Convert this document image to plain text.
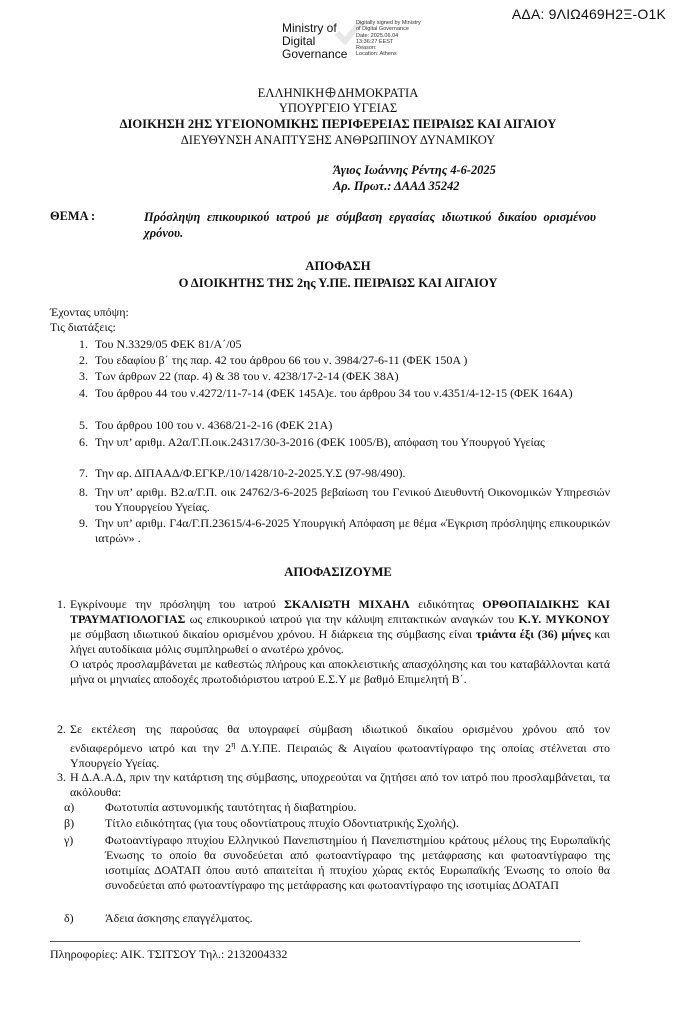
ΑΔΑ: 9ΛΙΩ469Η2Ξ-Ο1Κ
Ministry of
Digital
Governance
Digitally signed by Ministry
of Digital Governance
Date: 2025.06.04
13:36:27 EEST
Reason:
Location: Athens
ΕΛΛΗΝΙΚΗ ΔΗΜΟΚΡΑΤΙΑ
ΥΠΟΥΡΓΕΙΟ ΥΓΕΙΑΣ
ΔΙΟΙΚΗΣΗ 2ΗΣ ΥΓΕΙΟΝΟΜΙΚΗΣ ΠΕΡΙΦΕΡΕΙΑΣ ΠΕΙΡΑΙΩΣ ΚΑΙ ΑΙΓΑΙΟΥ
ΔΙΕΥΘΥΝΣΗ ΑΝΑΠΤΥΞΗΣ ΑΝΘΡΩΠΙΝΟΥ ΔΥΝΑΜΙΚΟΥ
Άγιος Ιωάννης Ρέντης 4-6-2025
Αρ. Πρωτ.: ΔΑΑΔ 35242
ΘΕΜΑ :	Πρόσληψη επικουρικού ιατρού με σύμβαση εργασίας ιδιωτικού δικαίου ορισμένου χρόνου.
ΑΠΟΦΑΣΗ
Ο ΔΙΟΙΚΗΤΗΣ ΤΗΣ 2ης Υ.ΠΕ. ΠΕΙΡΑΙΩΣ ΚΑΙ ΑΙΓΑΙΟΥ
Έχοντας υπόψη:
Τις διατάξεις:
1. Του Ν.3329/05 ΦΕΚ 81/Α΄/05
2. Του εδαφίου β΄ της παρ. 42 του άρθρου 66 του ν. 3984/27-6-11 (ΦΕΚ 150Α )
3. Των άρθρων 22 (παρ. 4) & 38 του ν. 4238/17-2-14 (ΦΕΚ 38Α)
4. Του άρθρου 44 του ν.4272/11-7-14 (ΦΕΚ 145Α)ε. του άρθρου 34 του ν.4351/4-12-15 (ΦΕΚ 164Α)
5. Του άρθρου 100 του ν. 4368/21-2-16 (ΦΕΚ 21Α)
6. Την υπ’ αριθμ. Α2α/Γ.Π.οικ.24317/30-3-2016 (ΦΕΚ 1005/Β), απόφαση του Υπουργού Υγείας
7. Την αρ. ΔΙΠΑΑΔ/Φ.ΕΓΚΡ./10/1428/10-2-2025.Υ.Σ (97-98/490).
8. Την υπ’ αριθμ. Β2.α/Γ.Π. οικ 24762/3-6-2025 βεβαίωση του Γενικού Διευθυντή Οικονομικών Υπηρεσιών του Υπουργείου Υγείας.
9. Την υπ’ αριθμ. Γ4α/Γ.Π.23615/4-6-2025 Υπουργική Απόφαση με θέμα «Έγκριση πρόσληψης επικουρικών ιατρών» .
ΑΠΟΦΑΣΙΖΟΥΜΕ
1. Εγκρίνουμε την πρόσληψη του ιατρού ΣΚΑΛΙΩΤΗ ΜΙΧΑΗΛ ειδικότητας ΟΡΘΟΠΑΙΔΙΚΗΣ ΚΑΙ ΤΡΑΥΜΑΤΙΟΛΟΓΙΑΣ ως επικουρικού ιατρού για την κάλυψη επιτακτικών αναγκών του Κ.Υ. ΜΥΚΟΝΟΥ με σύμβαση ιδιωτικού δικαίου ορισμένου χρόνου. Η διάρκεια της σύμβασης είναι τριάντα έξι (36) μήνες και λήγει αυτοδίκαια μόλις συμπληρωθεί ο ανωτέρω χρόνος.
Ο ιατρός προσλαμβάνεται με καθεστώς πλήρους και αποκλειστικής απασχόλησης και του καταβάλλονται κατά μήνα οι μηνιαίες αποδοχές πρωτοδιόριστου ιατρού Ε.Σ.Υ με βαθμό Επιμελητή Β΄.
2. Σε εκτέλεση της παρούσας θα υπογραφεί σύμβαση ιδιωτικού δικαίου ορισμένου χρόνου από τον ενδιαφερόμενο ιατρό και την $2^\eta$ Δ.Υ.ΠΕ. Πειραιώς & Αιγαίου φωτοαντίγραφο της οποίας στέλνεται στο Υπουργείο Υγείας.
3. Η Δ.Α.Α.Δ, πριν την κατάρτιση της σύμβασης, υποχρεούται να ζητήσει από τον ιατρό που προσλαμβάνεται, τα ακόλουθα:
α)	Φωτοτυπία αστυνομικής ταυτότητας ή διαβατηρίου.
β)	Τίτλο ειδικότητας (για τους οδοντίατρους πτυχίο Οδοντιατρικής Σχολής).
γ)	Φωτοαντίγραφο πτυχίου Ελληνικού Πανεπιστημίου ή Πανεπιστημίου κράτους μέλους της Ευρωπαϊκής Ένωσης το οποίο θα συνοδεύεται από φωτοαντίγραφο της μετάφρασης και φωτοαντίγραφο της ισοτιμίας ΔΟΑΤΑΠ όπου αυτό απαιτείται ή πτυχίου χώρας εκτός Ευρωπαϊκής Ένωσης το οποίο θα συνοδεύεται από φωτοαντίγραφο της μετάφρασης και φωτοαντίγραφο της ισοτιμίας ΔΟΑΤΑΠ
δ)	Άδεια άσκησης επαγγέλματος.
Πληροφορίες: ΑΙΚ. ΤΣΙΤΣΟΥ Τηλ.: 2132004332
